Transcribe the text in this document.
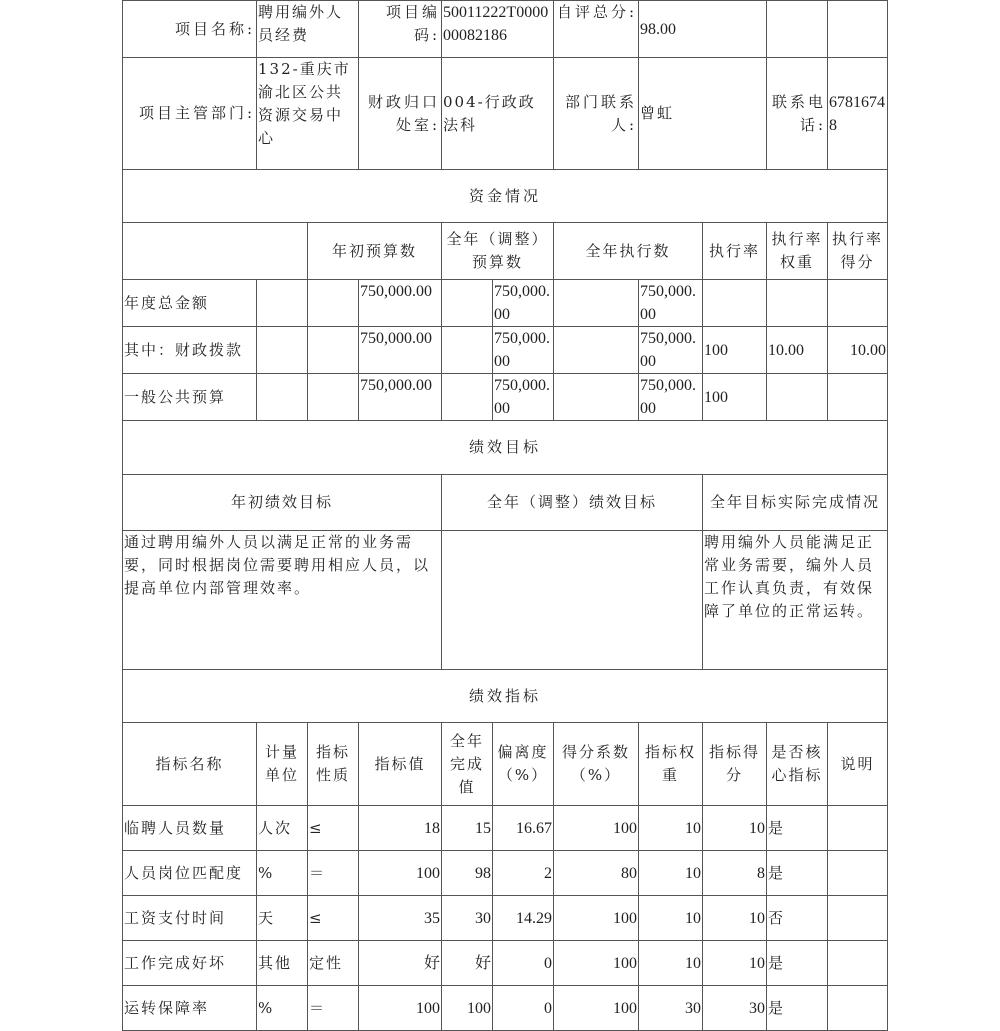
项目名称:	聘用编外人员经费		项目编码:	50011222T000000082186		自评总分:	98.00			
项目主管部门:	132-重庆市渝北区公共资源交易中心		财政归口处室:	004-行政政法科		部门联系人:	曾虹		联系电话:	67816748
资金情况										
		年初预算数		全年（调整）预算数		全年执行数		执行率	执行率权重	执行率得分
年度总金额			750,000.00		750,000.00		750,000.00			
其中：财政拨款			750,000.00		750,000.00		750,000.00	100	10.00	10.00
一般公共预算			750,000.00		750,000.00		750,000.00	100		
绩效目标										
年初绩效目标				全年（调整）绩效目标				全年目标实际完成情况		
通过聘用编外人员以满足正常的业务需要，同时根据岗位需要聘用相应人员，以提高单位内部管理效率。								聘用编外人员能满足正常业务需要，编外人员工作认真负责，有效保障了单位的正常运转。		
绩效指标										
指标名称	计量单位	指标性质	指标值	全年完成值	偏离度（%）	得分系数（%）	指标权重	指标得分	是否核心指标	说明
临聘人员数量	人次	≤	18	15	16.67	100	10	10	是	
人员岗位匹配度	%	＝	100	98	2	80	10	8	是	
工资支付时间	天	≤	35	30	14.29	100	10	10	否	
工作完成好坏	其他	定性	好	好	0	100	10	10	是	
运转保障率	%	＝	100	100	0	100	30	30	是	
